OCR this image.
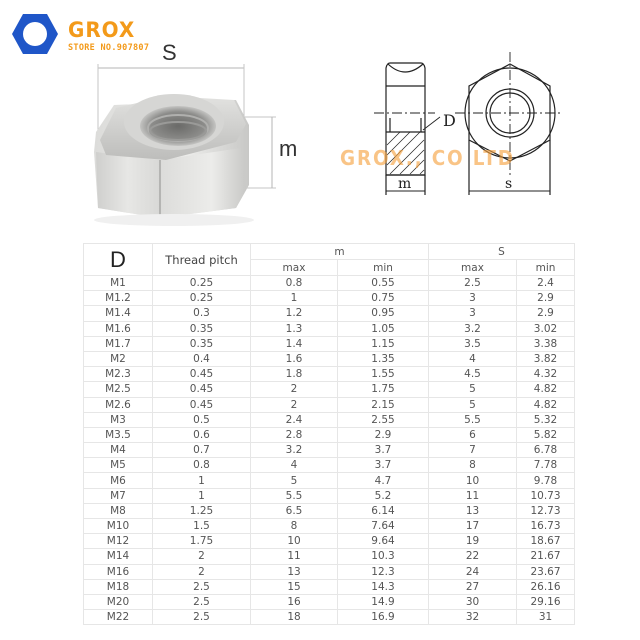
GROX
STORE NO.907807 S
m
D
m	s
GROX., CO LTD
D	Thread pitch	m		S	
		max	min	max	min
M1	0.25	0.8	0.55	2.5	2.4
M1.2	0.25	1	0.75	3	2.9
M1.4	0.3	1.2	0.95	3	2.9
M1.6	0.35	1.3	1.05	3.2	3.02
M1.7	0.35	1.4	1.15	3.5	3.38
M2	0.4	1.6	1.35	4	3.82
M2.3	0.45	1.8	1.55	4.5	4.32
M2.5	0.45	2	1.75	5	4.82
M2.6	0.45	2	2.15	5	4.82
M3	0.5	2.4	2.55	5.5	5.32
M3.5	0.6	2.8	2.9	6	5.82
M4	0.7	3.2	3.7	7	6.78
M5	0.8	4	3.7	8	7.78
M6	1	5	4.7	10	9.78
M7	1	5.5	5.2	11	10.73
M8	1.25	6.5	6.14	13	12.73
M10	1.5	8	7.64	17	16.73
M12	1.75	10	9.64	19	18.67
M14	2	11	10.3	22	21.67
M16	2	13	12.3	24	23.67
M18	2.5	15	14.3	27	26.16
M20	2.5	16	14.9	30	29.16
M22	2.5	18	16.9	32	31
